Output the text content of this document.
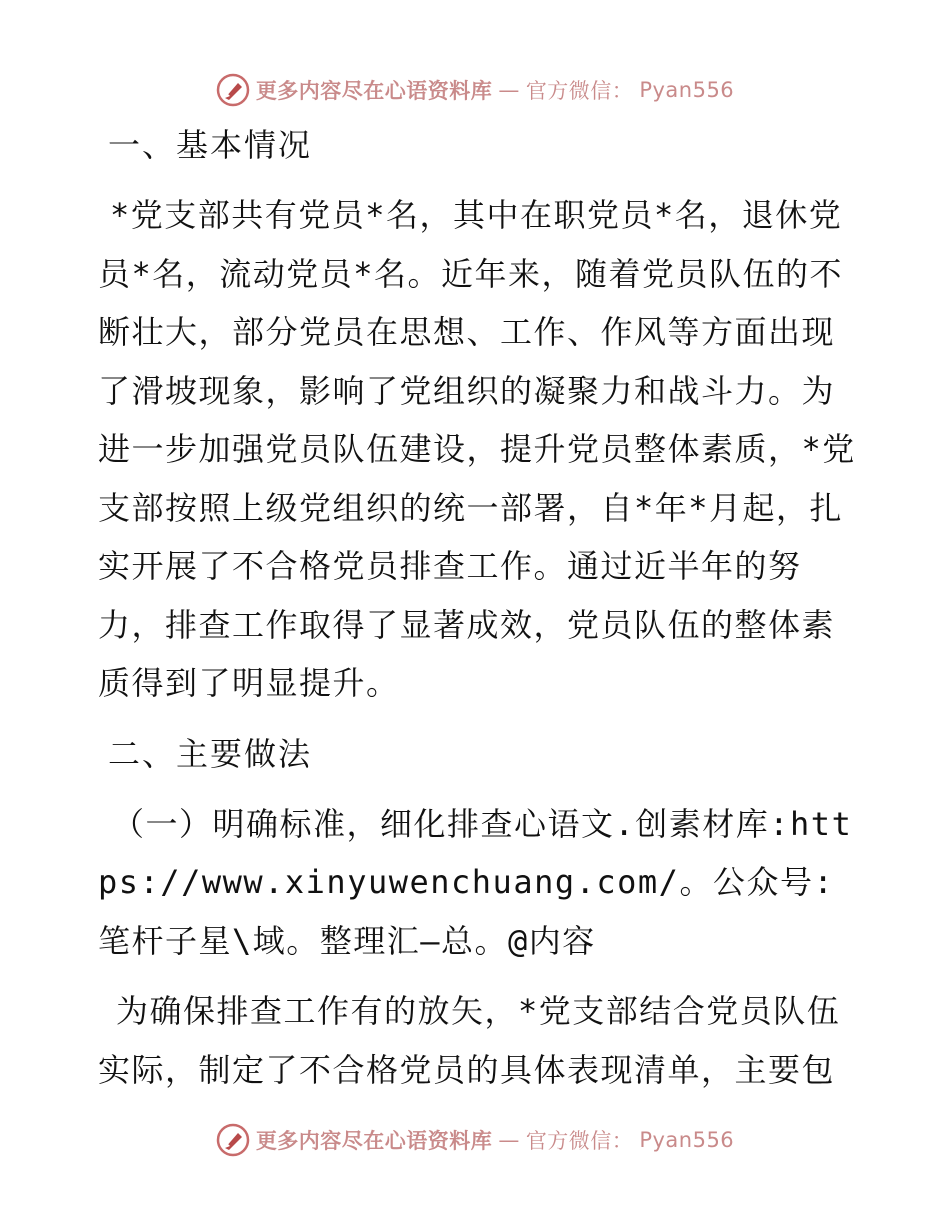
更多内容尽在心语资料库 — 官方微信： Pyan556
一、基本情况

*党支部共有党员*名，其中在职党员*名，退休党员*名，流动党员*名。近年来，随着党员队伍的不断壮大，部分党员在思想、工作、作风等方面出现了滑坡现象，影响了党组织的凝聚力和战斗力。为进一步加强党员队伍建设，提升党员整体素质，*党支部按照上级党组织的统一部署，自*年*月起，扎实开展了不合格党员排查工作。通过近半年的努力，排查工作取得了显著成效，党员队伍的整体素质得到了明显提升。

二、主要做法

（一）明确标准，细化排查心语文.创素材库:https://www.xinyuwenchuang.com/。公众号: 笔杆子星\域。整理汇—总。@内容

为确保排查工作有的放矢，*党支部结合党员队伍实际，制定了不合格党员的具体表现清单，主要包

更多内容尽在心语资料库 — 官方微信： Pyan556
